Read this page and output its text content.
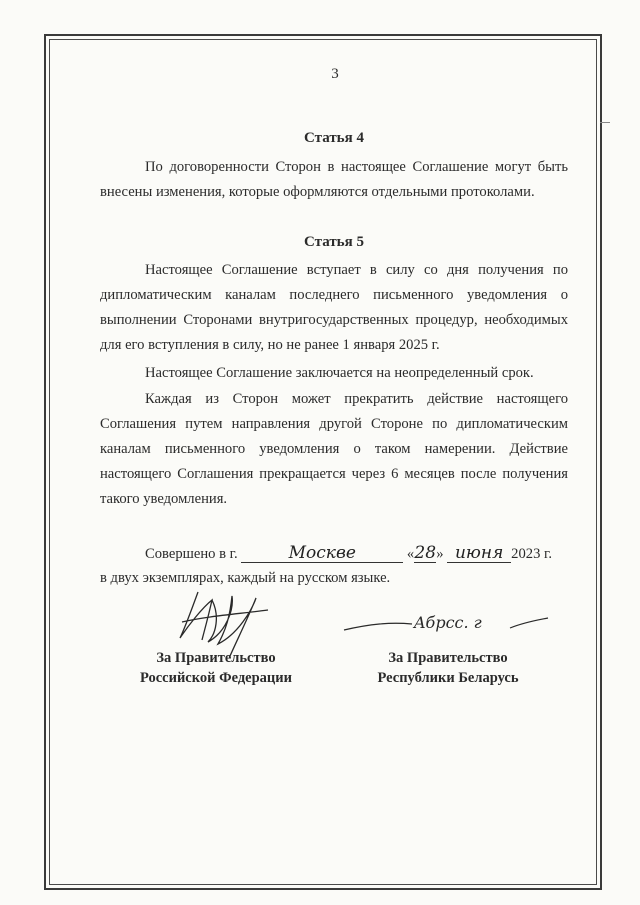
3
Статья 4
По договоренности Сторон в настоящее Соглашение могут быть внесены изменения, которые оформляются отдельными протоколами.
Статья 5
Настоящее Соглашение вступает в силу со дня получения по дипломатическим каналам последнего письменного уведомления о выполнении Сторонами внутригосударственных процедур, необходимых для его вступления в силу, но не ранее 1 января 2025 г.
Настоящее Соглашение заключается на неопределенный срок.
Каждая из Сторон может прекратить действие настоящего Соглашения путем направления другой Стороне по дипломатическим каналам письменного уведомления о таком намерении. Действие настоящего Соглашения прекращается через 6 месяцев после получения такого уведомления.
Совершено в г.	Москве	«28» июня 2023 г.
в двух экземплярах, каждый на русском языке.
Aбрсс. г
За Правительство
Российской Федерации
За Правительство
Республики Беларусь
